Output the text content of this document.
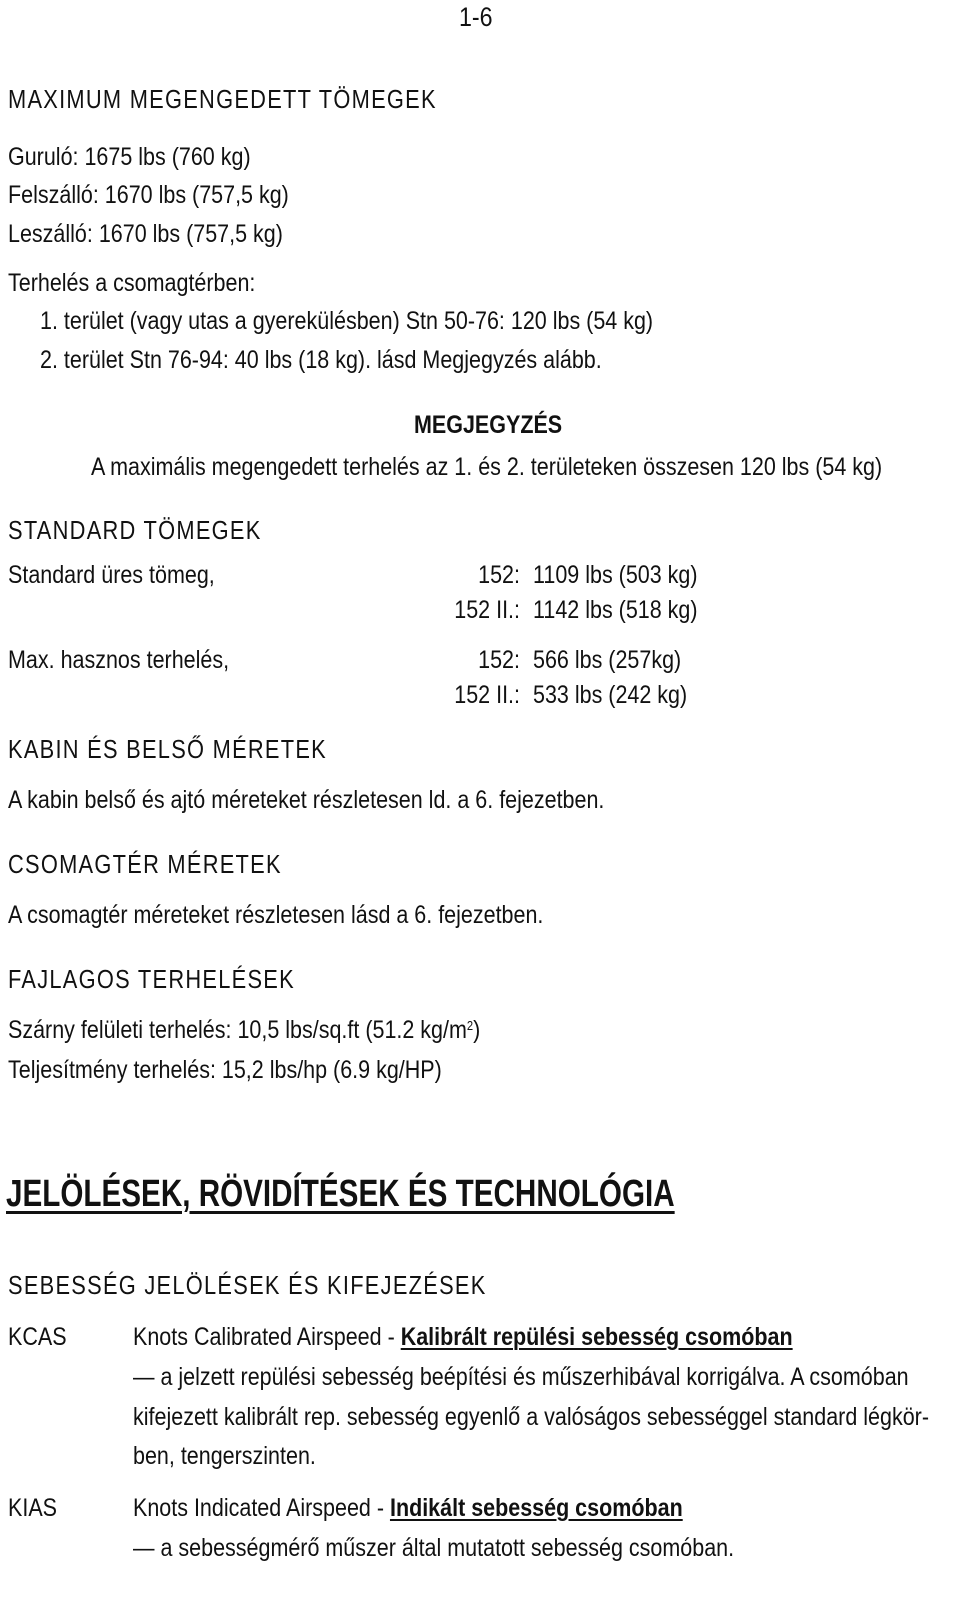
1-6
MAXIMUM MEGENGEDETT TÖMEGEK
Guruló: 1675 lbs (760 kg)
Felszálló: 1670 lbs (757,5 kg)
Leszálló: 1670 lbs (757,5 kg)
Terhelés a csomagtérben:
1. terület (vagy utas a gyerekülésben) Stn 50-76: 120 lbs (54 kg)
2. terület Stn 76-94: 40 lbs (18 kg). lásd Megjegyzés alább.
MEGJEGYZÉS
A maximális megengedett terhelés az 1. és 2. területeken összesen 120 lbs (54 kg)
STANDARD TÖMEGEK
Standard üres tömeg,	152: 1109 lbs (503 kg)
152 II.: 1142 lbs (518 kg)
Max. hasznos terhelés,	152: 566 lbs (257kg)
152 II.: 533 lbs (242 kg)
KABIN ÉS BELSŐ MÉRETEK
A kabin belső és ajtó méreteket részletesen ld. a 6. fejezetben.
CSOMAGTÉR MÉRETEK
A csomagtér méreteket részletesen lásd a 6. fejezetben.
FAJLAGOS TERHELÉSEK
Szárny felületi terhelés: 10,5 lbs/sq.ft (51.2 $kg/m^2$)
Teljesítmény terhelés: 15,2 lbs/hp (6.9 kg/HP)
JELÖLÉSEK, RÖVIDÍTÉSEK ÉS TECHNOLÓGIA
SEBESSÉG JELÖLÉSEK ÉS KIFEJEZÉSEK
KCAS	Knots Calibrated Airspeed - Kalibrált repülési sebesség csomóban
— a jelzett repülési sebesség beépítési és műszerhibával korrigálva. A csomóban
kifejezett kalibrált rep. sebesség egyenlő a valóságos sebességgel standard légkör-
ben, tengerszinten.
KIAS	Knots Indicated Airspeed - Indikált sebesség csomóban
— a sebességmérő műszer által mutatott sebesség csomóban.
